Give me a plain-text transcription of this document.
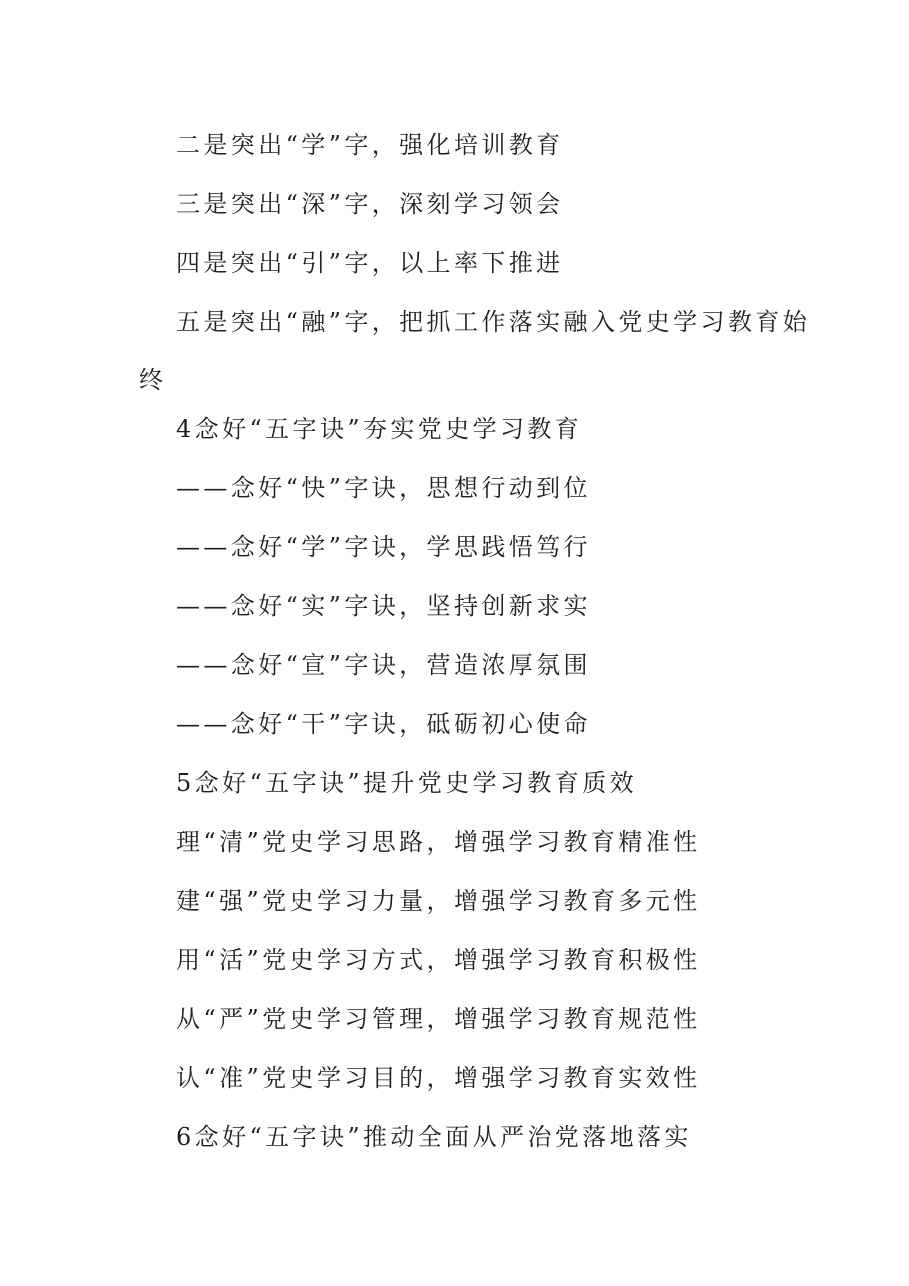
二是突出“学”字，强化培训教育
三是突出“深”字，深刻学习领会
四是突出“引”字，以上率下推进
五是突出“融”字，把抓工作落实融入党史学习教育始
终
4念好“五字诀”夯实党史学习教育
——念好“快”字诀，思想行动到位
——念好“学”字诀，学思践悟笃行
——念好“实”字诀，坚持创新求实
——念好“宣”字诀，营造浓厚氛围
——念好“干”字诀，砥砺初心使命
5念好“五字诀”提升党史学习教育质效
理“清”党史学习思路，增强学习教育精准性
建“强”党史学习力量，增强学习教育多元性
用“活”党史学习方式，增强学习教育积极性
从“严”党史学习管理，增强学习教育规范性
认“准”党史学习目的，增强学习教育实效性
6念好“五字诀”推动全面从严治党落地落实
